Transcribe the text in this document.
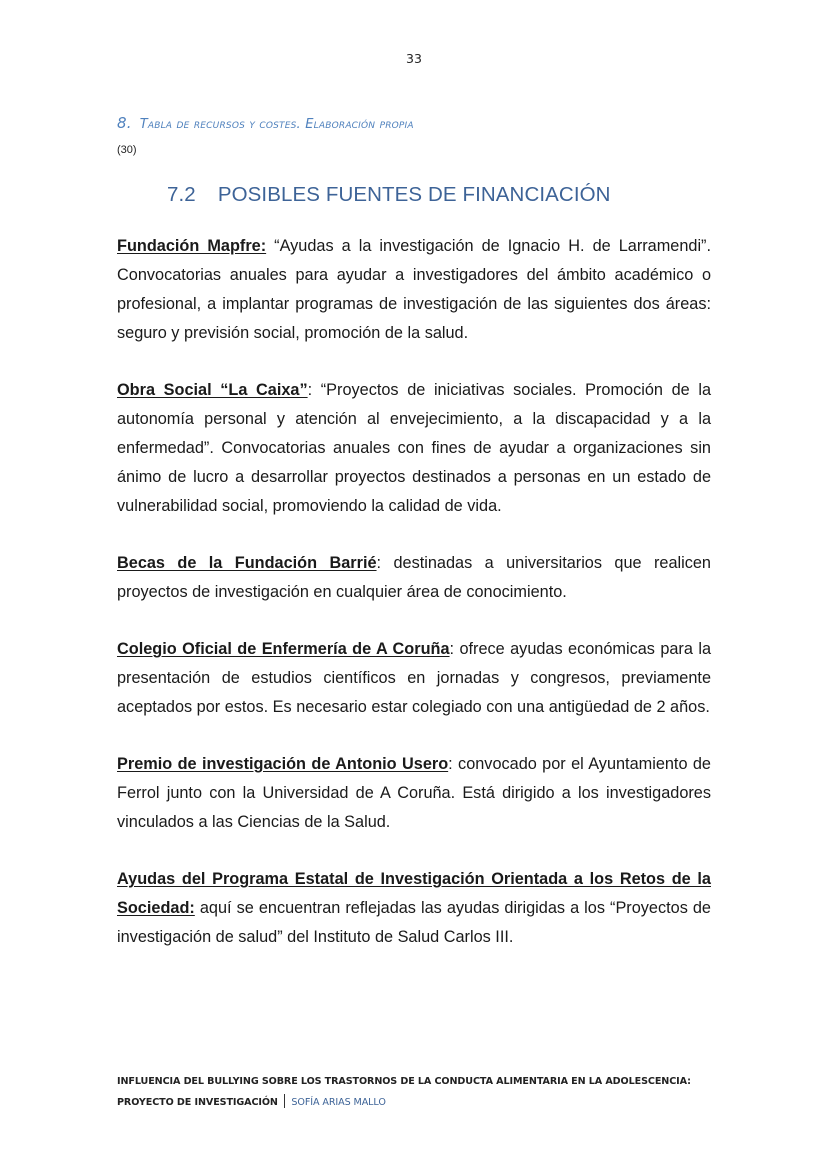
33
8. Tabla de recursos y costes. Elaboración propia
(30)
7.2 POSIBLES FUENTES DE FINANCIACIÓN

Fundación Mapfre: “Ayudas a la investigación de Ignacio H. de Larramendi”. Convocatorias anuales para ayudar a investigadores del ámbito académico o profesional, a implantar programas de investigación de las siguientes dos áreas: seguro y previsión social, promoción de la salud.

Obra Social “La Caixa”: “Proyectos de iniciativas sociales. Promoción de la autonomía personal y atención al envejecimiento, a la discapacidad y a la enfermedad”. Convocatorias anuales con fines de ayudar a organizaciones sin ánimo de lucro a desarrollar proyectos destinados a personas en un estado de vulnerabilidad social, promoviendo la calidad de vida.

Becas de la Fundación Barrié: destinadas a universitarios que realicen proyectos de investigación en cualquier área de conocimiento.

Colegio Oficial de Enfermería de A Coruña: ofrece ayudas económicas para la presentación de estudios científicos en jornadas y congresos, previamente aceptados por estos. Es necesario estar colegiado con una antigüedad de 2 años.

Premio de investigación de Antonio Usero: convocado por el Ayuntamiento de Ferrol junto con la Universidad de A Coruña. Está dirigido a los investigadores vinculados a las Ciencias de la Salud.

Ayudas del Programa Estatal de Investigación Orientada a los Retos de la Sociedad: aquí se encuentran reflejadas las ayudas dirigidas a los “Proyectos de investigación de salud” del Instituto de Salud Carlos III.

INFLUENCIA DEL BULLYING SOBRE LOS TRASTORNOS DE LA CONDUCTA ALIMENTARIA EN LA ADOLESCENCIA:
PROYECTO DE INVESTIGACIÓN SOFÍA ARIAS MALLO
